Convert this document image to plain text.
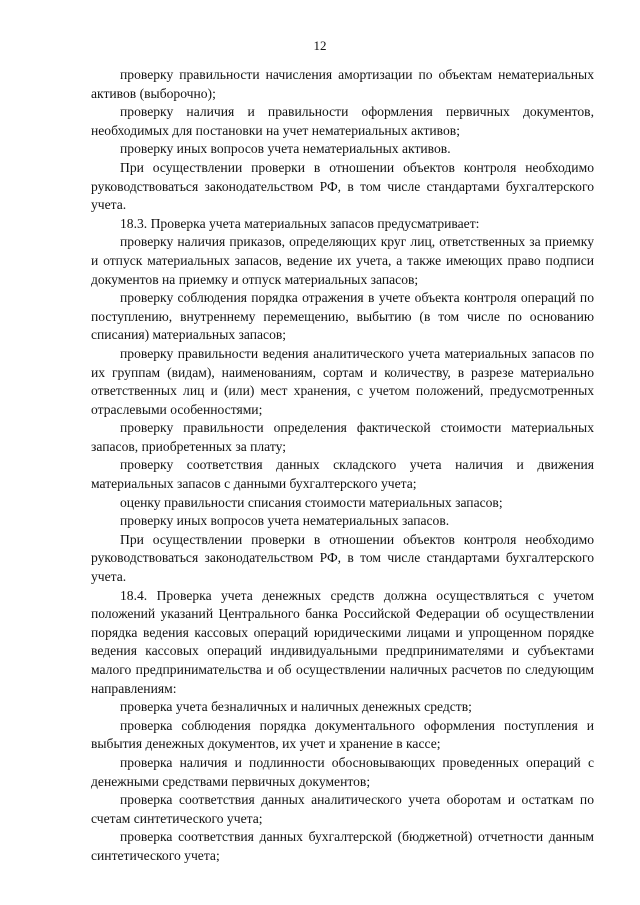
12

проверку правильности начисления амортизации по объектам нематериальных активов (выборочно);

проверку наличия и правильности оформления первичных документов, необходимых для постановки на учет нематериальных активов;

проверку иных вопросов учета нематериальных активов.

При осуществлении проверки в отношении объектов контроля необходимо руководствоваться законодательством РФ, в том числе стандартами бухгалтерского учета.

18.3. Проверка учета материальных запасов предусматривает:

проверку наличия приказов, определяющих круг лиц, ответственных за приемку и отпуск материальных запасов, ведение их учета, а также имеющих право подписи документов на приемку и отпуск материальных запасов;

проверку соблюдения порядка отражения в учете объекта контроля операций по поступлению, внутреннему перемещению, выбытию (в том числе по основанию списания) материальных запасов;

проверку правильности ведения аналитического учета материальных запасов по их группам (видам), наименованиям, сортам и количеству, в разрезе материально ответственных лиц и (или) мест хранения, с учетом положений, предусмотренных отраслевыми особенностями;

проверку правильности определения фактической стоимости материальных запасов, приобретенных за плату;

проверку соответствия данных складского учета наличия и движения материальных запасов с данными бухгалтерского учета;

оценку правильности списания стоимости материальных запасов;

проверку иных вопросов учета нематериальных запасов.

При осуществлении проверки в отношении объектов контроля необходимо руководствоваться законодательством РФ, в том числе стандартами бухгалтерского учета.

18.4. Проверка учета денежных средств должна осуществляться с учетом положений указаний Центрального банка Российской Федерации об осуществлении порядка ведения кассовых операций юридическими лицами и упрощенном порядке ведения кассовых операций индивидуальными предпринимателями и субъектами малого предпринимательства и об осуществлении наличных расчетов по следующим направлениям:

проверка учета безналичных и наличных денежных средств;

проверка соблюдения порядка документального оформления поступления и выбытия денежных документов, их учет и хранение в кассе;

проверка наличия и подлинности обосновывающих проведенных операций с денежными средствами первичных документов;

проверка соответствия данных аналитического учета оборотам и остаткам по счетам синтетического учета;

проверка соответствия данных бухгалтерской (бюджетной) отчетности данным синтетического учета;
